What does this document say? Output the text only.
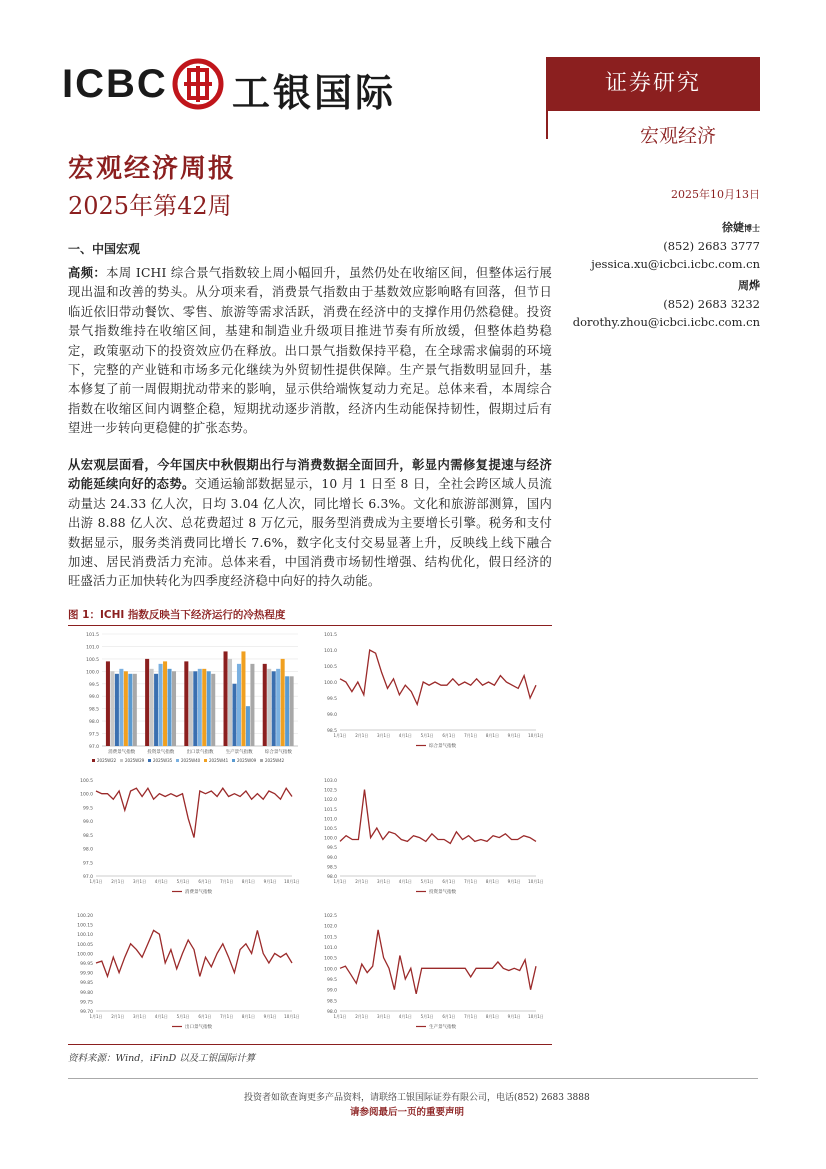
ICBC 工银国际	证券研究
宏观经济
宏观经济周报
2025年第42周	2025年10月13日
徐婕博士
(852) 2683 3777
jessica.xu@icbci.icbc.com.cn
周烨
(852) 2683 3232
dorothy.zhou@icbci.icbc.com.cn
一、中国宏观
高频：本周 ICHI 综合景气指数较上周小幅回升，虽然仍处在收缩区间，但整体运行展现出温和改善的势头。从分项来看，消费景气指数由于基数效应影响略有回落，但节日临近依旧带动餐饮、零售、旅游等需求活跃，消费在经济中的支撑作用仍然稳健。投资景气指数维持在收缩区间，基建和制造业升级项目推进节奏有所放缓，但整体趋势稳定，政策驱动下的投资效应仍在释放。出口景气指数保持平稳，在全球需求偏弱的环境下，完整的产业链和市场多元化继续为外贸韧性提供保障。生产景气指数明显回升，基本修复了前一周假期扰动带来的影响，显示供给端恢复动力充足。总体来看，本周综合指数在收缩区间内调整企稳，短期扰动逐步消散，经济内生动能保持韧性，假期过后有望进一步转向更稳健的扩张态势。
从宏观层面看，今年国庆中秋假期出行与消费数据全面回升，彰显内需修复提速与经济动能延续向好的态势。交通运输部数据显示，10 月 1 日至 8 日，全社会跨区域人员流动量达 24.33 亿人次，日均 3.04 亿人次，同比增长 6.3%。文化和旅游部测算，国内出游 8.88 亿人次、总花费超过 8 万亿元，服务型消费成为主要增长引擎。税务和支付数据显示，服务类消费同比增长 7.6%，数字化支付交易显著上升，反映线上线下融合加速、居民消费活力充沛。总体来看，中国消费市场韧性增强、结构优化，假日经济的旺盛活力正加快转化为四季度经济稳中向好的持久动能。
图 1：ICHI 指数反映当下经济运行的冷热程度
101.5
101.0
100.5
100.0
99.5
99.0
98.5
98.0
97.5
97.0
消费景气指数	投资景气指数	出口景气指数	生产景气指数	综合景气指数
2025W22 2025W29 2025W35 2025W40 2025W41 2025W09 2025W42
101.5
101.0
100.5
100.0
99.5
99.0
98.5
1月1日 2月1日 3月1日 4月1日 5月1日 6月1日 7月1日 8月1日 9月1日 10月1日
综合景气指数
100.5
100.0
99.5
99.0
98.5
98.0
97.5
97.0
1月1日 2月1日 3月1日 4月1日 5月1日 6月1日 7月1日 8月1日 9月1日 10月1日
消费景气指数
103.0
102.5
102.0
101.5
101.0
100.5
100.0
99.5
99.0
98.5
98.0
1月1日 2月1日 3月1日 4月1日 5月1日 6月1日 7月1日 8月1日 9月1日 10月1日
投资景气指数
100.20
100.15
100.10
100.05
100.00
99.95
99.90
99.85
99.80
99.75
99.70
1月1日 2月1日 3月1日 4月1日 5月1日 6月1日 7月1日 8月1日 9月1日 10月1日
出口景气指数
102.5
102.0
101.5
101.0
100.5
100.0
99.5
99.0
98.5
98.0
1月1日 2月1日 3月1日 4月1日 5月1日 6月1日 7月1日 8月1日 9月1日 10月1日
生产景气指数
资料来源：Wind，iFinD 以及工银国际计算
投资者如欲查询更多产品资料，请联络工银国际证券有限公司，电话(852) 2683 3888
请参阅最后一页的重要声明
